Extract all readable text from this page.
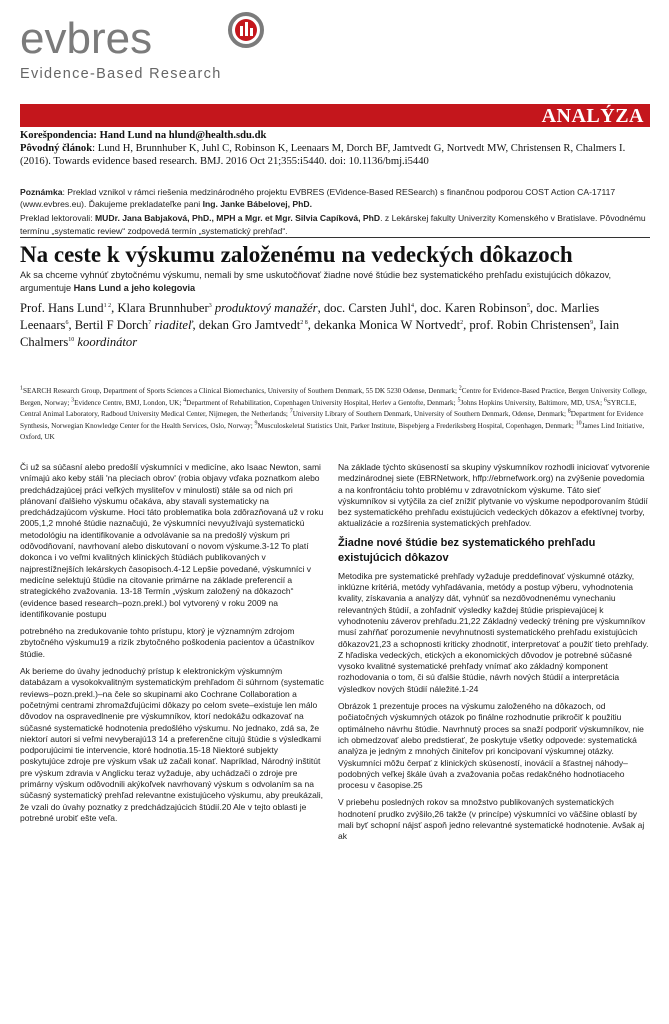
evbres
Evidence-Based Research
ANALÝZA

Korešpondencia: Hand Lund na hlund@health.sdu.dk

Pôvodný článok: Lund H, Brunnhuber K, Juhl C, Robinson K, Leenaars M, Dorch BF, Jamtvedt G, Nortvedt MW, Christensen R, Chalmers I. (2016). Towards evidence based research. BMJ. 2016 Oct 21;355:i5440. doi: 10.1136/bmj.i5440

Poznámka: Preklad vznikol v rámci riešenia medzinárodného projektu EVBRES (EVidence-Based RESearch) s finančnou podporou COST Action CA-17117 (www.evbres.eu). Ďakujeme prekladateľke pani Ing. Janke Bábelovej, PhD.

Preklad lektorovali: MUDr. Jana Babjaková, PhD., MPH a Mgr. et Mgr. Silvia Capíková, PhD. z Lekárskej fakulty Univerzity Komenského v Bratislave. Pôvodnému termínu „systematic review“ zodpovedá termín „systematický prehľad“.

Na ceste k výskumu založenému na vedeckých dôkazoch
Ak sa chceme vyhnúť zbytočnému výskumu, nemali by sme uskutočňovať žiadne nové štúdie bez systematického prehľadu existujúcich dôkazov, argumentuje Hans Lund a jeho kolegovia
Prof. Hans Lund$^{1 2}$, Klara Brunnhuber$^3$ produktový manažér, doc. Carsten Juhl$^4$, doc. Karen Robinson$^5$, doc. Marlies Leenaars$^6$, Bertil F Dorch$^7$ riaditeľ, dekan Gro Jamtvedt$^{2 8}$, dekanka Monica W Nortvedt$^2$, prof. Robin Christensen$^9$, Iain Chalmers$^{10}$ koordinátor
$^1$SEARCH Research Group, Department of Sports Sciences a Clinical Biomechanics, University of Southern Denmark, 55 DK 5230 Odense, Denmark; $^2$Centre for Evidence-Based Practice, Bergen University College, Bergen, Norway; $^3$Evidence Centre, BMJ, London, UK; $^4$Department of Rehabilitation, Copenhagen University Hospital, Herlev a Gentofte, Denmark; $^5$Johns Hopkins University, Baltimore, MD, USA; $^6$SYRCLE, Central Animal Laboratory, Radboud University Medical Center, Nijmegen, the Netherlands; $^7$University Library of Southern Denmark, University of Southern Denmark, Odense, Denmark; $^8$Department for Evidence Synthesis, Norwegian Knowledge Center for the Health Services, Oslo, Norway; $^9$Musculoskeletal Statistics Unit, Parker Institute, Bispebjerg a Frederiksberg Hospital, Copenhagen, Denmark; $^{10}$James Lind Initiative, Oxford, UK

Či už sa súčasní alebo predošlí výskumníci v medicíne, ako Isaac Newton, sami vnímajú ako keby stáli 'na pleciach obrov' (robia objavy vďaka poznatkom alebo predchádzajúcej práci veľkých mysliteľov v minulosti) stále sa od nich pri plánovaní ďalšieho výskumu očakáva, aby stavali systematicky na predchádzajúcom výskume. Hoci táto problematika bola zdôrazňovaná už v roku 2005,1,2 mnohé štúdie naznačujú, že výskumníci nevyužívajú systematickú metodológiu na identifikovanie a odvolávanie sa na predošlý výskum pri odôvodňovaní, navrhovaní alebo diskutovaní o novom výskume.3-12 To platí dokonca i vo veľmi kvalitných klinických štúdiách publikovaných v najprestížnejších lekárskych časopisoch.4-12 Lepšie povedané, výskumníci v medicíne selektujú štúdie na citovanie primárne na základe preferencií a strategického zvažovania. 13-18 Termín „výskum založený na dôkazoch“ (evidence based research–pozn.prekl.) bol vytvorený v roku 2009 na identifikovanie postupu

potrebného na zredukovanie tohto prístupu, ktorý je významným zdrojom zbytočného výskumu19 a rizík zbytočného poškodenia pacientov a účastníkov štúdie.

Ak berieme do úvahy jednoduchý prístup k elektronickým výskumným databázam a vysokokvalitným systematickým prehľadom či súhrnom (systematic reviews–pozn.prekl.)–na čele so skupinami ako Cochrane Collaboration a početnými centrami zhromažďujúcimi dôkazy po celom svete–existuje len málo dôvodov na ospravedlnenie pre výskumníkov, ktorí nedokážu odkazovať na súčasné systematické hodnotenia predošlého výskumu. No jednako, zdá sa, že niektorí autori si veľmi nevyberajú13 14 a preferenčne citujú štúdie s výsledkami podporujúcimi tie intervencie, ktoré hodnotia.15-18 Niektoré subjekty poskytujúce zdroje pre výskum však už začali konať. Napríklad, Národný inštitút pre výskum zdravia v Anglicku teraz vyžaduje, aby uchádzači o zdroje pre primárny výskum odôvodnili akýkoľvek navrhovaný výskum s odvolaním sa na súčasný systematický prehľad relevantne existujúceho výskumu, aby preukázali, že vzali do úvahy poznatky z predchádzajúcich štúdií.20 Ale v tejto oblasti je potrebné urobiť ešte veľa.

Na základe týchto skúseností sa skupiny výskumníkov rozhodli iniciovať vytvorenie medzinárodnej siete (EBRNetwork, hffp://ebrnefwork.org) na zvýšenie povedomia a na konfrontáciu tohto problému v zdravotníckom výskume. Táto sieť výskumníkov si vytýčila za cieľ znížiť plytvanie vo výskume nepodporovaním štúdií bez systematického prehľadu existujúcich vedeckých dôkazov a efektívnej tvorby, aktualizácie a rozšírenia systematických prehľadov.

Žiadne nové štúdie bez systematického prehľadu existujúcich dôkazov

Metodika pre systematické prehľady vyžaduje preddefinovať výskumné otázky, inklúzne kritériá, metódy vyhľadávania, metódy a postup výberu, vyhodnotenia kvality, získavania a analýzy dát, vyhnúť sa nezdôvodnenému vynechaniu relevantných štúdií, a zohľadniť výsledky každej štúdie prispievajúcej k vyhodnoteniu záverov prehľadu.21,22 Základný vedecký tréning pre výskumníkov musí zahŕňať porozumenie nevyhnutnosti systematického prehľadu existujúcich dôkazov21,23 a schopnosti kriticky zhodnotiť, interpretovať a použiť tieto prehľady. Z hľadiska vedeckých, etických a ekonomických dôvodov je potrebné súčasné vysoko kvalitné systematické prehľady vnímať ako základný komponent rozhodovania o tom, či sú ďalšie štúdie, návrh nových štúdií a interpretácia výsledkov nových štúdií náležité.1-24

Obrázok 1 prezentuje proces na výskumu založeného na dôkazoch, od počiatočných výskumných otázok po finálne rozhodnutie prikročiť k použitiu optimálneho návrhu štúdie. Navrhnutý proces sa snaží podporiť výskumníkov, nie ich obmedzovať alebo predstierať, že poskytuje všetky odpovede: systematická analýza je jedným z mnohých činiteľov pri koncipovaní výskumnej otázky. Výskumníci môžu čerpať z klinických skúseností, inovácií a šťastnej náhody–podobných veľkej škále úvah a zvažovania počas redakčného hodnotiaceho procesu v časopise.25

V priebehu posledných rokov sa množstvo publikovaných systematických hodnotení prudko zvýšilo,26 takže (v princípe) výskumníci vo väčšine oblastí by mali byť schopní nájsť aspoň jedno relevantné systematické hodnotenie. Avšak aj ak
